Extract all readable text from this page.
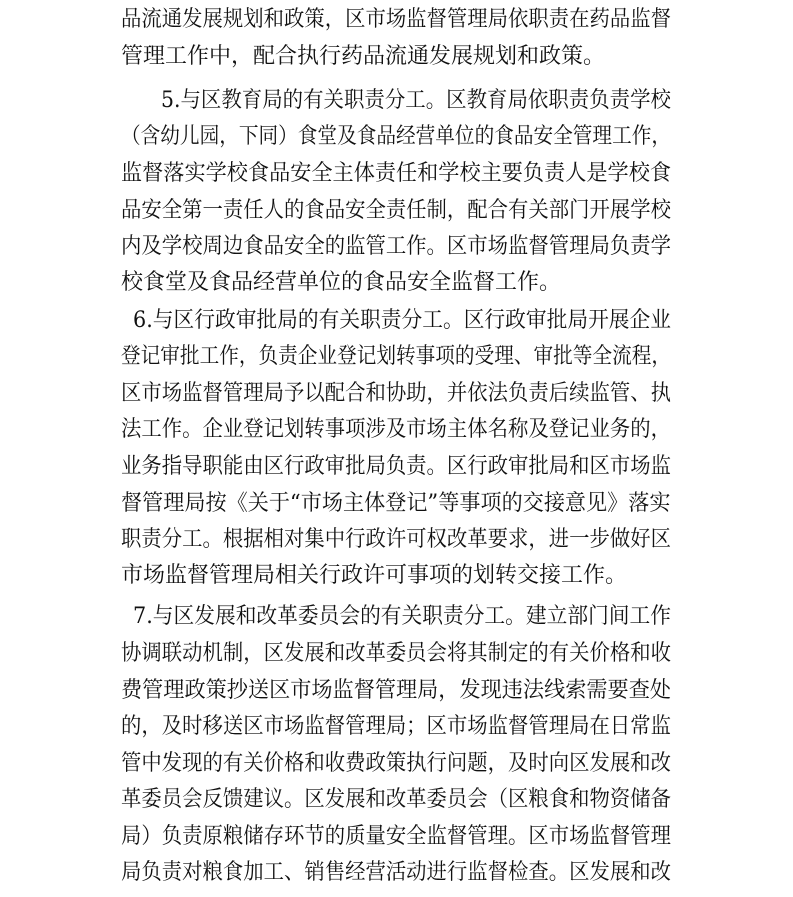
品流通发展规划和政策，区市场监督管理局依职责在药品监督
管理工作中，配合执行药品流通发展规划和政策。
5.与区教育局的有关职责分工。区教育局依职责负责学校
（含幼儿园，下同）食堂及食品经营单位的食品安全管理工作，
监督落实学校食品安全主体责任和学校主要负责人是学校食
品安全第一责任人的食品安全责任制，配合有关部门开展学校
内及学校周边食品安全的监管工作。区市场监督管理局负责学
校食堂及食品经营单位的食品安全监督工作。
6.与区行政审批局的有关职责分工。区行政审批局开展企业
登记审批工作，负责企业登记划转事项的受理、审批等全流程，
区市场监督管理局予以配合和协助，并依法负责后续监管、执
法工作。企业登记划转事项涉及市场主体名称及登记业务的，
业务指导职能由区行政审批局负责。区行政审批局和区市场监
督管理局按《关于“市场主体登记”等事项的交接意见》落实
职责分工。根据相对集中行政许可权改革要求，进一步做好区
市场监督管理局相关行政许可事项的划转交接工作。
7.与区发展和改革委员会的有关职责分工。建立部门间工作
协调联动机制，区发展和改革委员会将其制定的有关价格和收
费管理政策抄送区市场监督管理局，发现违法线索需要查处
的，及时移送区市场监督管理局；区市场监督管理局在日常监
管中发现的有关价格和收费政策执行问题，及时向区发展和改
革委员会反馈建议。区发展和改革委员会（区粮食和物资储备
局）负责原粮储存环节的质量安全监督管理。区市场监督管理
局负责对粮食加工、销售经营活动进行监督检查。区发展和改
